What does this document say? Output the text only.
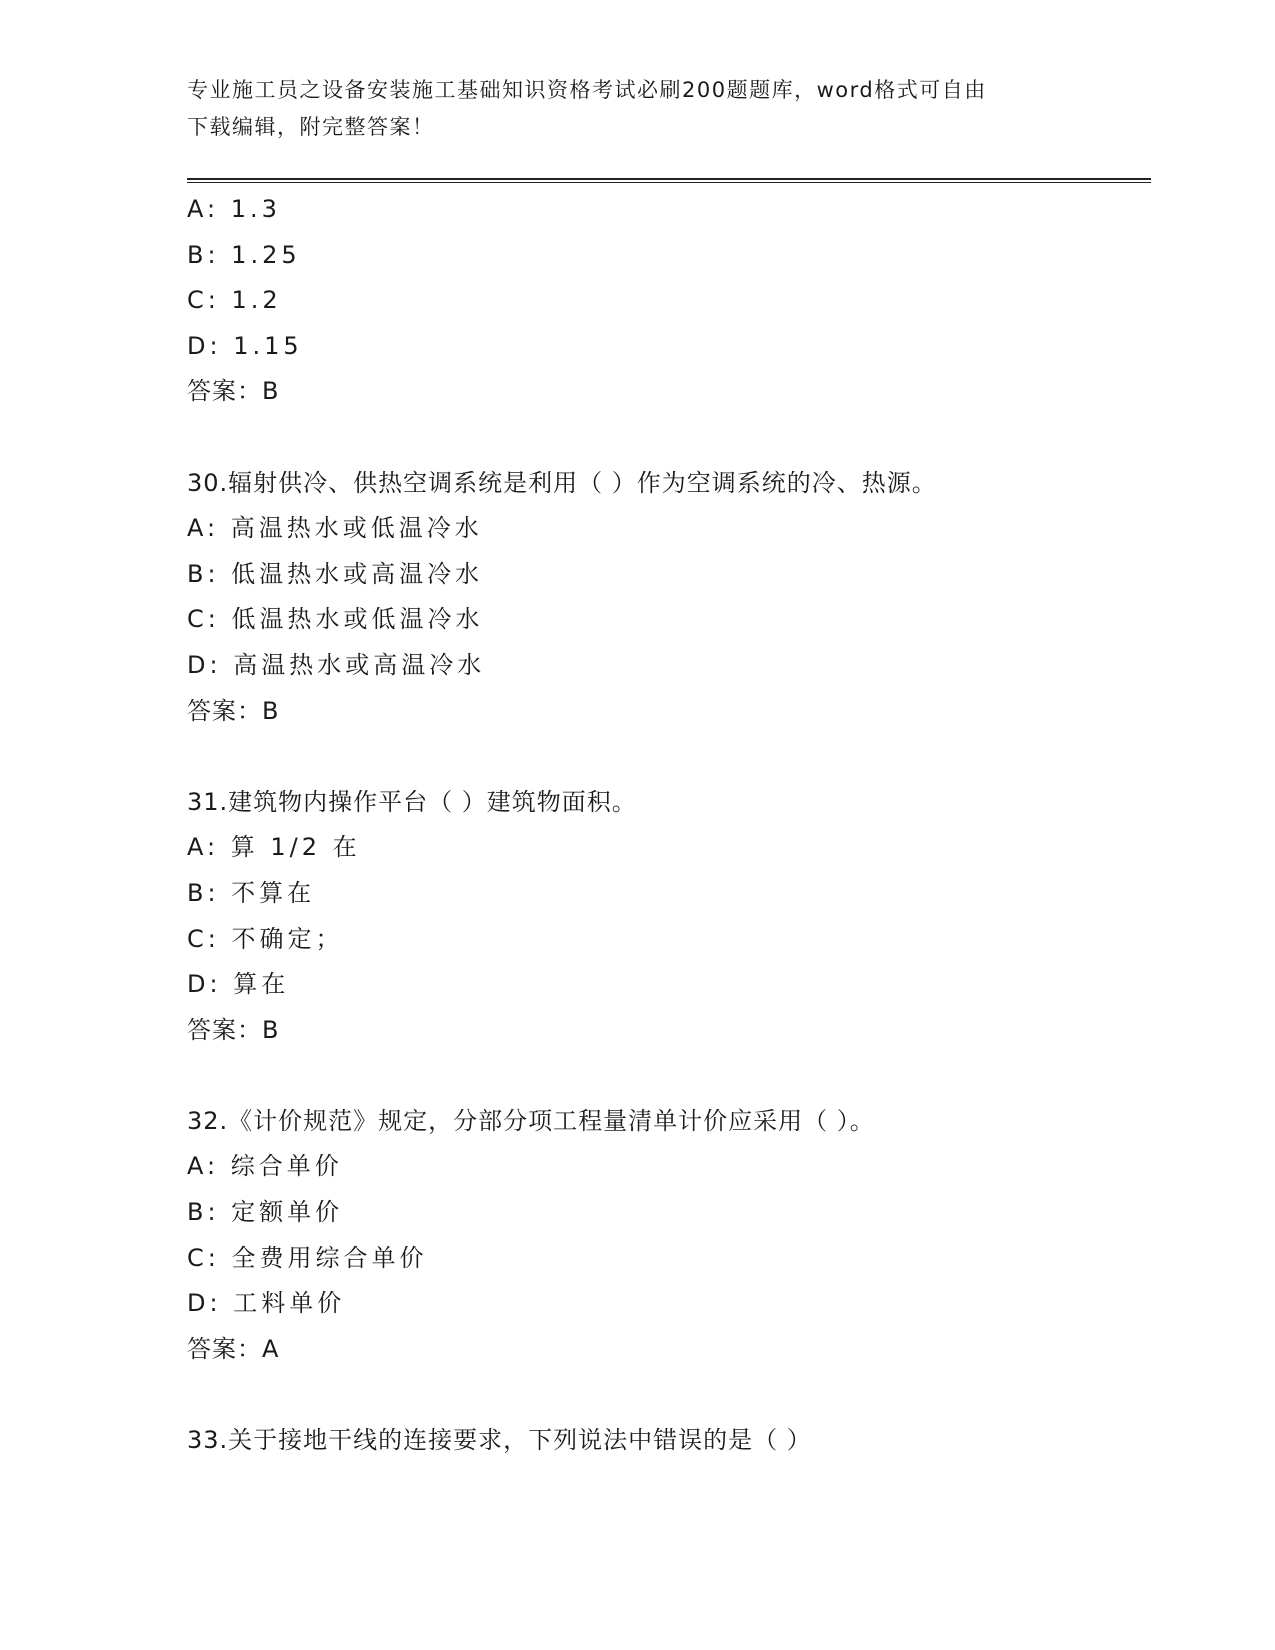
专业施工员之设备安装施工基础知识资格考试必刷200题题库，word格式可自由
下载编辑，附完整答案！
A: 1.3
B: 1.25
C: 1.2
D: 1.15
答案：B
30.辐射供冷、供热空调系统是利用（ ）作为空调系统的冷、热源。
A: 高温热水或低温冷水
B: 低温热水或高温冷水
C: 低温热水或低温冷水
D: 高温热水或高温冷水
答案：B
31.建筑物内操作平台（ ）建筑物面积。
A: 算 1/2 在
B: 不算在
C: 不确定；
D: 算在
答案：B
32.《计价规范》规定，分部分项工程量清单计价应采用（ ）。
A: 综合单价
B: 定额单价
C: 全费用综合单价
D: 工料单价
答案：A
33.关于接地干线的连接要求，下列说法中错误的是（ ）
